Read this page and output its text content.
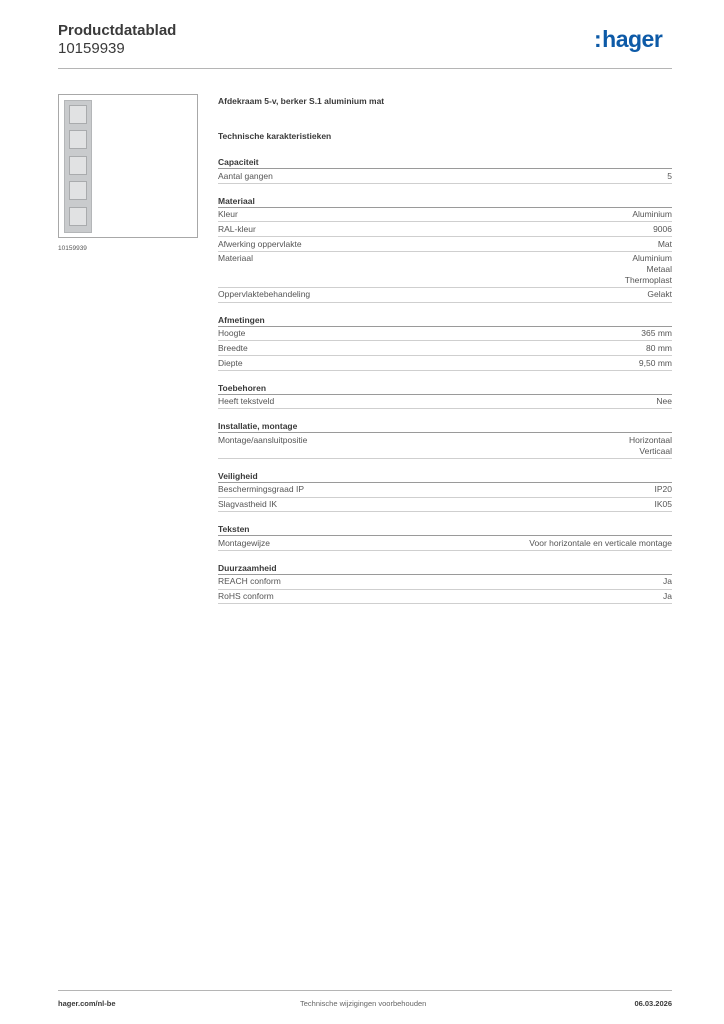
Productdatablad
10159939	:hager
10159939
Afdekraam 5-v, berker S.1 aluminium mat
Technische karakteristieken
Capaciteit
Aantal gangen	5
Materiaal
Kleur	Aluminium
RAL-kleur	9006
Afwerking oppervlakte	Mat
Materiaal	Aluminium
Metaal
Thermoplast
Oppervlaktebehandeling	Gelakt
Afmetingen
Hoogte	365 mm
Breedte	80 mm
Diepte	9,50 mm
Toebehoren
Heeft tekstveld	Nee
Installatie, montage
Montage/aansluitpositie	Horizontaal
Verticaal
Veiligheid
Beschermingsgraad IP	IP20
Slagvastheid IK	IK05
Teksten
Montagewijze	Voor horizontale en verticale montage
Duurzaamheid
REACH conform	Ja
RoHS conform	Ja
hager.com/nl-be	Technische wijzigingen voorbehouden	06.03.2026
